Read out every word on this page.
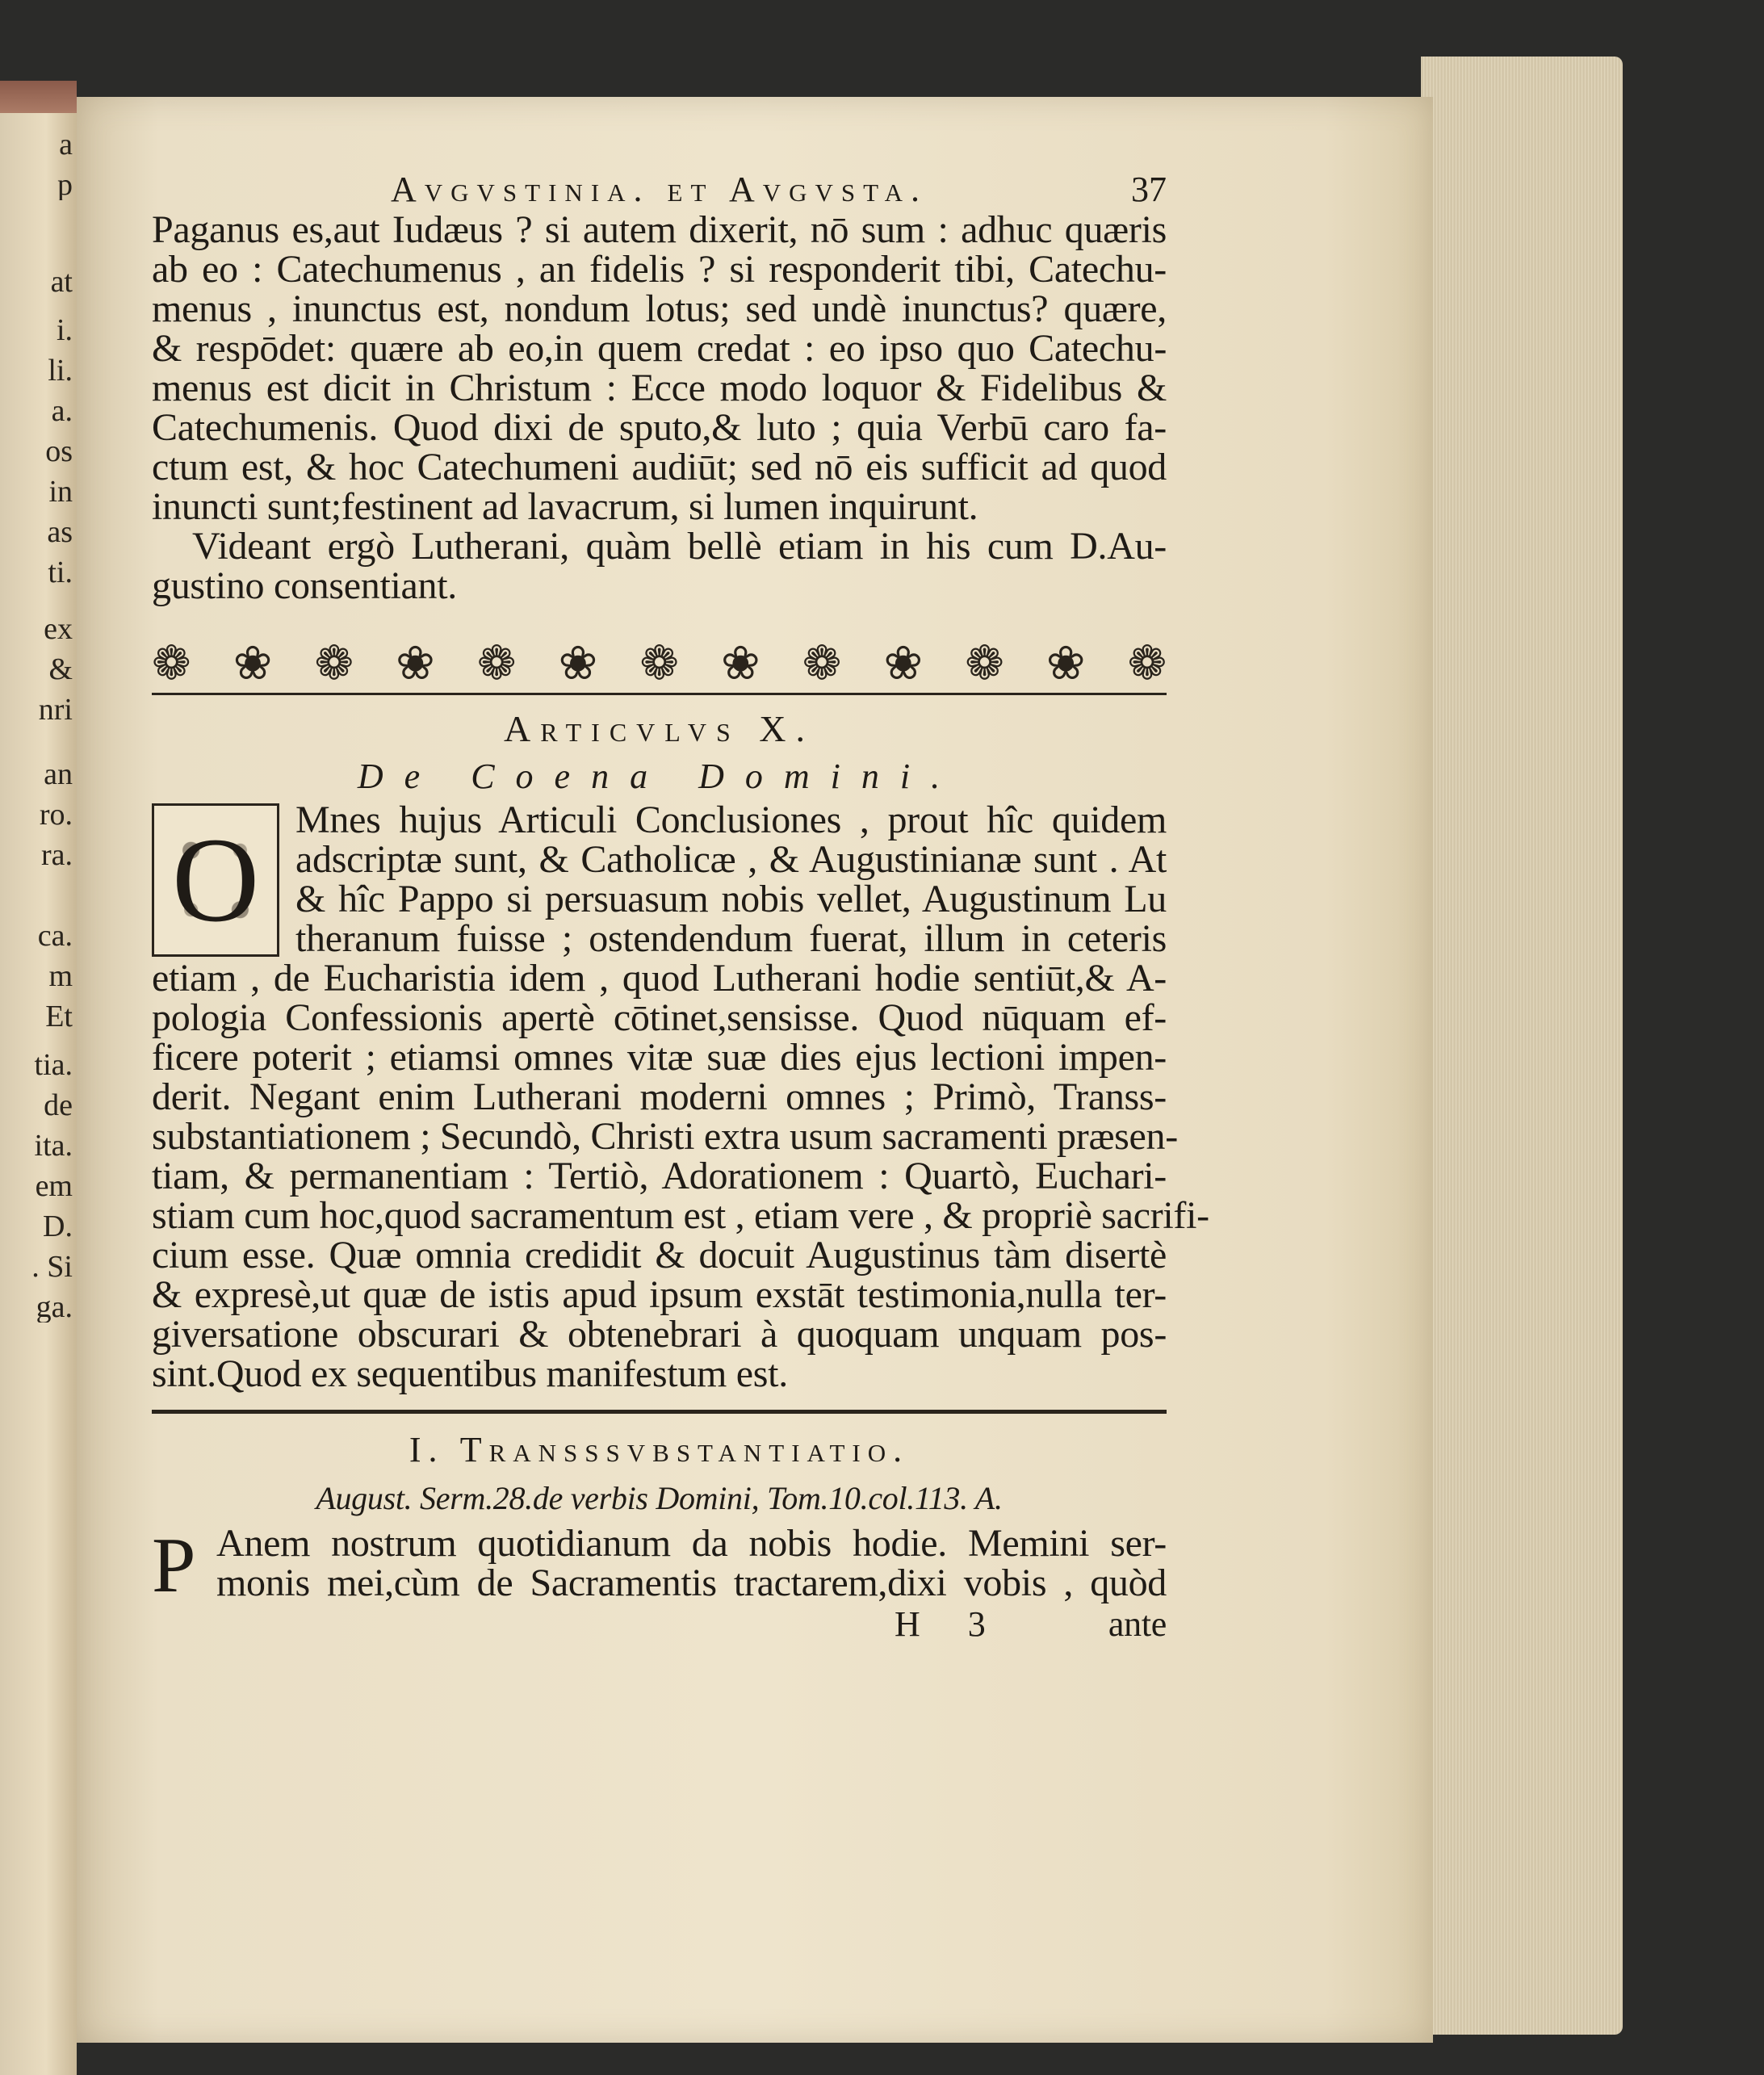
a
p
at
i.
li.
a.
os
in
as
ti.
ex
&
nri
an
ro.
ra.
ca.
m
Et
tia.
de
ita.
em
D.
. Si
ga.
Avgvstinia. et Avgvsta.	37
Paganus es,aut Iudæus ? si autem dixerit, nō sum : adhuc quæris
ab eo : Catechumenus , an fidelis ? si responderit tibi, Catechu-
menus , inunctus est, nondum lotus; sed undè inunctus? quære,
& respōdet: quære ab eo,in quem credat : eo ipso quo Catechu-
menus est dicit in Christum : Ecce modo loquor & Fidelibus &
Catechumenis. Quod dixi de sputo,& luto ; quia Verbū caro fa-
ctum est, & hoc Catechumeni audiūt; sed nō eis sufficit ad quod
inuncti sunt;festinent ad lavacrum, si lumen inquirunt.
Videant ergò Lutherani, quàm bellè etiam in his cum D.Au-
gustino consentiant.
❁ ❀ ❁ ❀ ❁ ❀ ❁ ❀ ❁ ❀ ❁ ❀ ❁
Articvlvs X.
De Coena Domini.
O Mnes hujus Articuli Conclusiones , prout hîc quidem
adscriptæ sunt, & Catholicæ , & Augustinianæ sunt . At
& hîc Pappo si persuasum nobis vellet, Augustinum Lu
theranum fuisse ; ostendendum fuerat, illum in ceteris
etiam , de Eucharistia idem , quod Lutherani hodie sentiūt,& A-
pologia Confessionis apertè cōtinet,sensisse. Quod nūquam ef-
ficere poterit ; etiamsi omnes vitæ suæ dies ejus lectioni impen-
derit. Negant enim Lutherani moderni omnes ; Primò, Transs-
substantiationem ; Secundò, Christi extra usum sacramenti præsen-
tiam, & permanentiam : Tertiò, Adorationem : Quartò, Euchari-
stiam cum hoc,quod sacramentum est , etiam vere , & propriè sacrifi-
cium esse. Quæ omnia credidit & docuit Augustinus tàm disertè
& expresè,ut quæ de istis apud ipsum exstāt testimonia,nulla ter-
giversatione obscurari & obtenebrari à quoquam unquam pos-
sint.Quod ex sequentibus manifestum est.
I. Transssvbstantiatio.
August. Serm.28.de verbis Domini, Tom.10.col.113. A.
P Anem nostrum quotidianum da nobis hodie. Memini ser-
monis mei,cùm de Sacramentis tractarem,dixi vobis , quòd
H 3	ante
